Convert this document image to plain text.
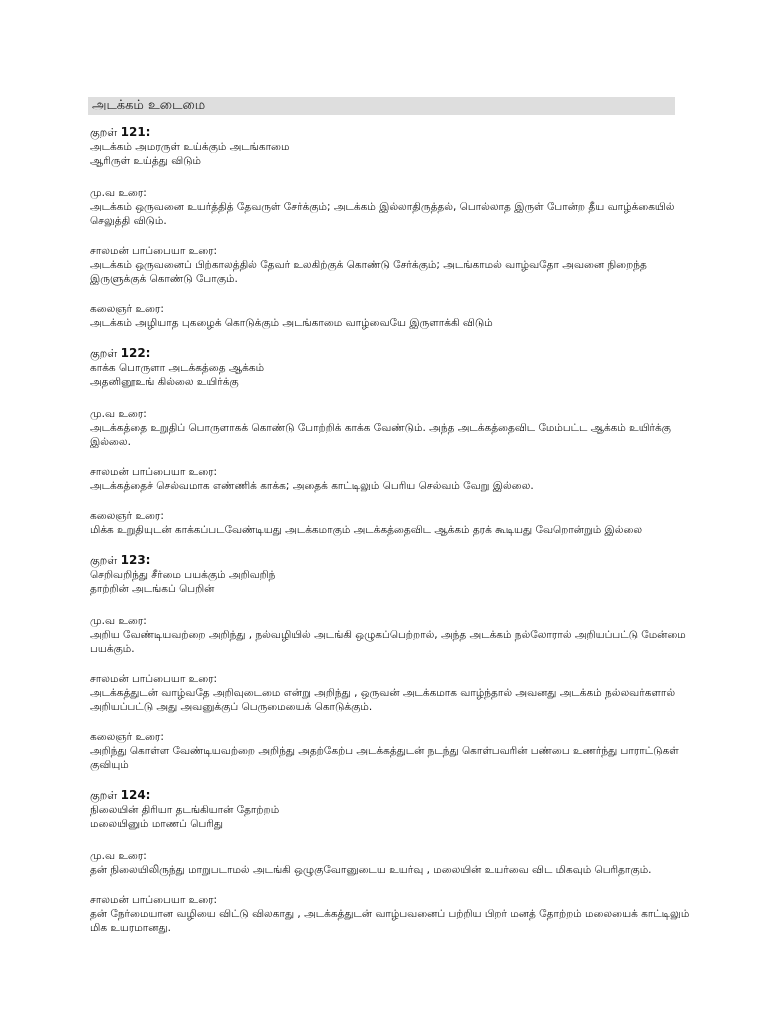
அடக்கம் உடைமை
குறள் 121:
அடக்கம் அமரருள் உய்க்கும் அடங்காமை
ஆரிருள் உய்த்து விடும்
மு.வ உரை:
அடக்கம் ஒருவனை உயர்த்தித் தேவருள் சேர்க்கும்; அடக்கம் இல்லாதிருத்தல், பொல்லாத இருள் போன்ற தீய வாழ்க்கையில் செலுத்தி விடும்.
சாலமன் பாப்பையா உரை:
அடக்கம் ஒருவனைப் பிற்காலத்தில் தேவர் உலகிற்குக் கொண்டு சேர்க்கும்; அடங்காமல் வாழ்வதோ அவனை நிறைந்த இருளுக்குக் கொண்டு போகும்.
கலைஞர் உரை:
அடக்கம் அழியாத புகழைக் கொடுக்கும் அடங்காமை வாழ்வையே இருளாக்கி விடும்
குறள் 122:
காக்க பொருளா அடக்கத்தை ஆக்கம்
அதனினூஉங் கில்லை உயிர்க்கு
மு.வ உரை:
அடக்கத்தை உறுதிப் பொருளாகக் கொண்டு போற்றிக் காக்க வேண்டும். அந்த அடக்கத்தைவிட மேம்பட்ட ஆக்கம் உயிர்க்கு இல்லை.
சாலமன் பாப்பையா உரை:
அடக்கத்தைச் செல்வமாக எண்ணிக் காக்க; அதைக் காட்டிலும் பெரிய செல்வம் வேறு இல்லை.
கலைஞர் உரை:
மிக்க உறுதியுடன் காக்கப்படவேண்டியது அடக்கமாகும் அடக்கத்தைவிட ஆக்கம் தரக் கூடியது வேறொன்றும் இல்லை
குறள் 123:
செறிவறிந்து சீர்மை பயக்கும் அறிவறிந்
தாற்றின் அடங்கப் பெறின்
மு.வ உரை:
அறிய வேண்டியவற்றை அறிந்து , நல்வழியில் அடங்கி ஒழுகப்பெற்றால், அந்த அடக்கம் நல்லோரால் அறியப்பட்டு மேன்மை பயக்கும்.
சாலமன் பாப்பையா உரை:
அடக்கத்துடன் வாழ்வதே அறிவுடைமை என்று அறிந்து , ஒருவன் அடக்கமாக வாழ்ந்தால் அவனது அடக்கம் நல்லவர்களால் அறியப்பட்டு அது அவனுக்குப் பெருமையைக் கொடுக்கும்.
கலைஞர் உரை:
அறிந்து கொள்ள வேண்டியவற்றை அறிந்து அதற்கேற்ப அடக்கத்துடன் நடந்து கொள்பவரின் பண்பை உணர்ந்து பாராட்டுகள் குவியும்
குறள் 124:
நிலையின் திரியா தடங்கியான் தோற்றம்
மலையினும் மாணப் பெரிது
மு.வ உரை:
தன் நிலையிலிருந்து மாறுபடாமல் அடங்கி ஒழுகுவோனுடைய உயர்வு , மலையின் உயர்வை விட மிகவும் பெரிதாகும்.
சாலமன் பாப்பையா உரை:
தன் நேர்மையான வழியை விட்டு விலகாது , அடக்கத்துடன் வாழ்பவனைப் பற்றிய பிறர் மனத் தோற்றம் மலையைக் காட்டிலும் மிக உயரமானது.
